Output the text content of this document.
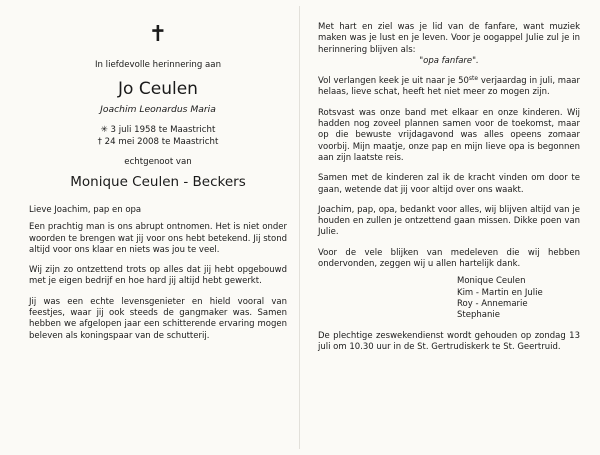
✝
In liefdevolle herinnering aan
Jo Ceulen
Joachim Leonardus Maria
✳ 3 juli 1958 te Maastricht
† 24 mei 2008 te Maastricht
echtgenoot van
Monique Ceulen - Beckers

Lieve Joachim, pap en opa

Een prachtig man is ons abrupt ontnomen. Het is niet onder woorden te brengen wat jij voor ons hebt betekend. Jij stond altijd voor ons klaar en niets was jou te veel.

Wij zijn zo ontzettend trots op alles dat jij hebt opgebouwd met je eigen bedrijf en hoe hard jij altijd hebt gewerkt.

Jij was een echte levensgenieter en hield vooral van feestjes, waar jij ook steeds de gangmaker was. Samen hebben we afgelopen jaar een schitterende ervaring mogen beleven als koningspaar van de schutterij.

Met hart en ziel was je lid van de fanfare, want muziek maken was je lust en je leven. Voor je oogappel Julie zul je in herinnering blijven als:

"opa fanfare".

Vol verlangen keek je uit naar je 50ste verjaardag in juli, maar helaas, lieve schat, heeft het niet meer zo mogen zijn.

Rotsvast was onze band met elkaar en onze kinderen. Wij hadden nog zoveel plannen samen voor de toekomst, maar op die bewuste vrijdagavond was alles opeens zomaar voorbij. Mijn maatje, onze pap en mijn lieve opa is begonnen aan zijn laatste reis.

Samen met de kinderen zal ik de kracht vinden om door te gaan, wetende dat jij voor altijd over ons waakt.

Joachim, pap, opa, bedankt voor alles, wij blijven altijd van je houden en zullen je ontzettend gaan missen. Dikke poen van Julie.

Voor de vele blijken van medeleven die wij hebben ondervonden, zeggen wij u allen hartelijk dank.

Monique Ceulen
Kim - Martin en Julie
Roy - Annemarie
Stephanie

De plechtige zeswekendienst wordt gehouden op zondag 13 juli om 10.30 uur in de St. Gertrudiskerk te St. Geertruid.
